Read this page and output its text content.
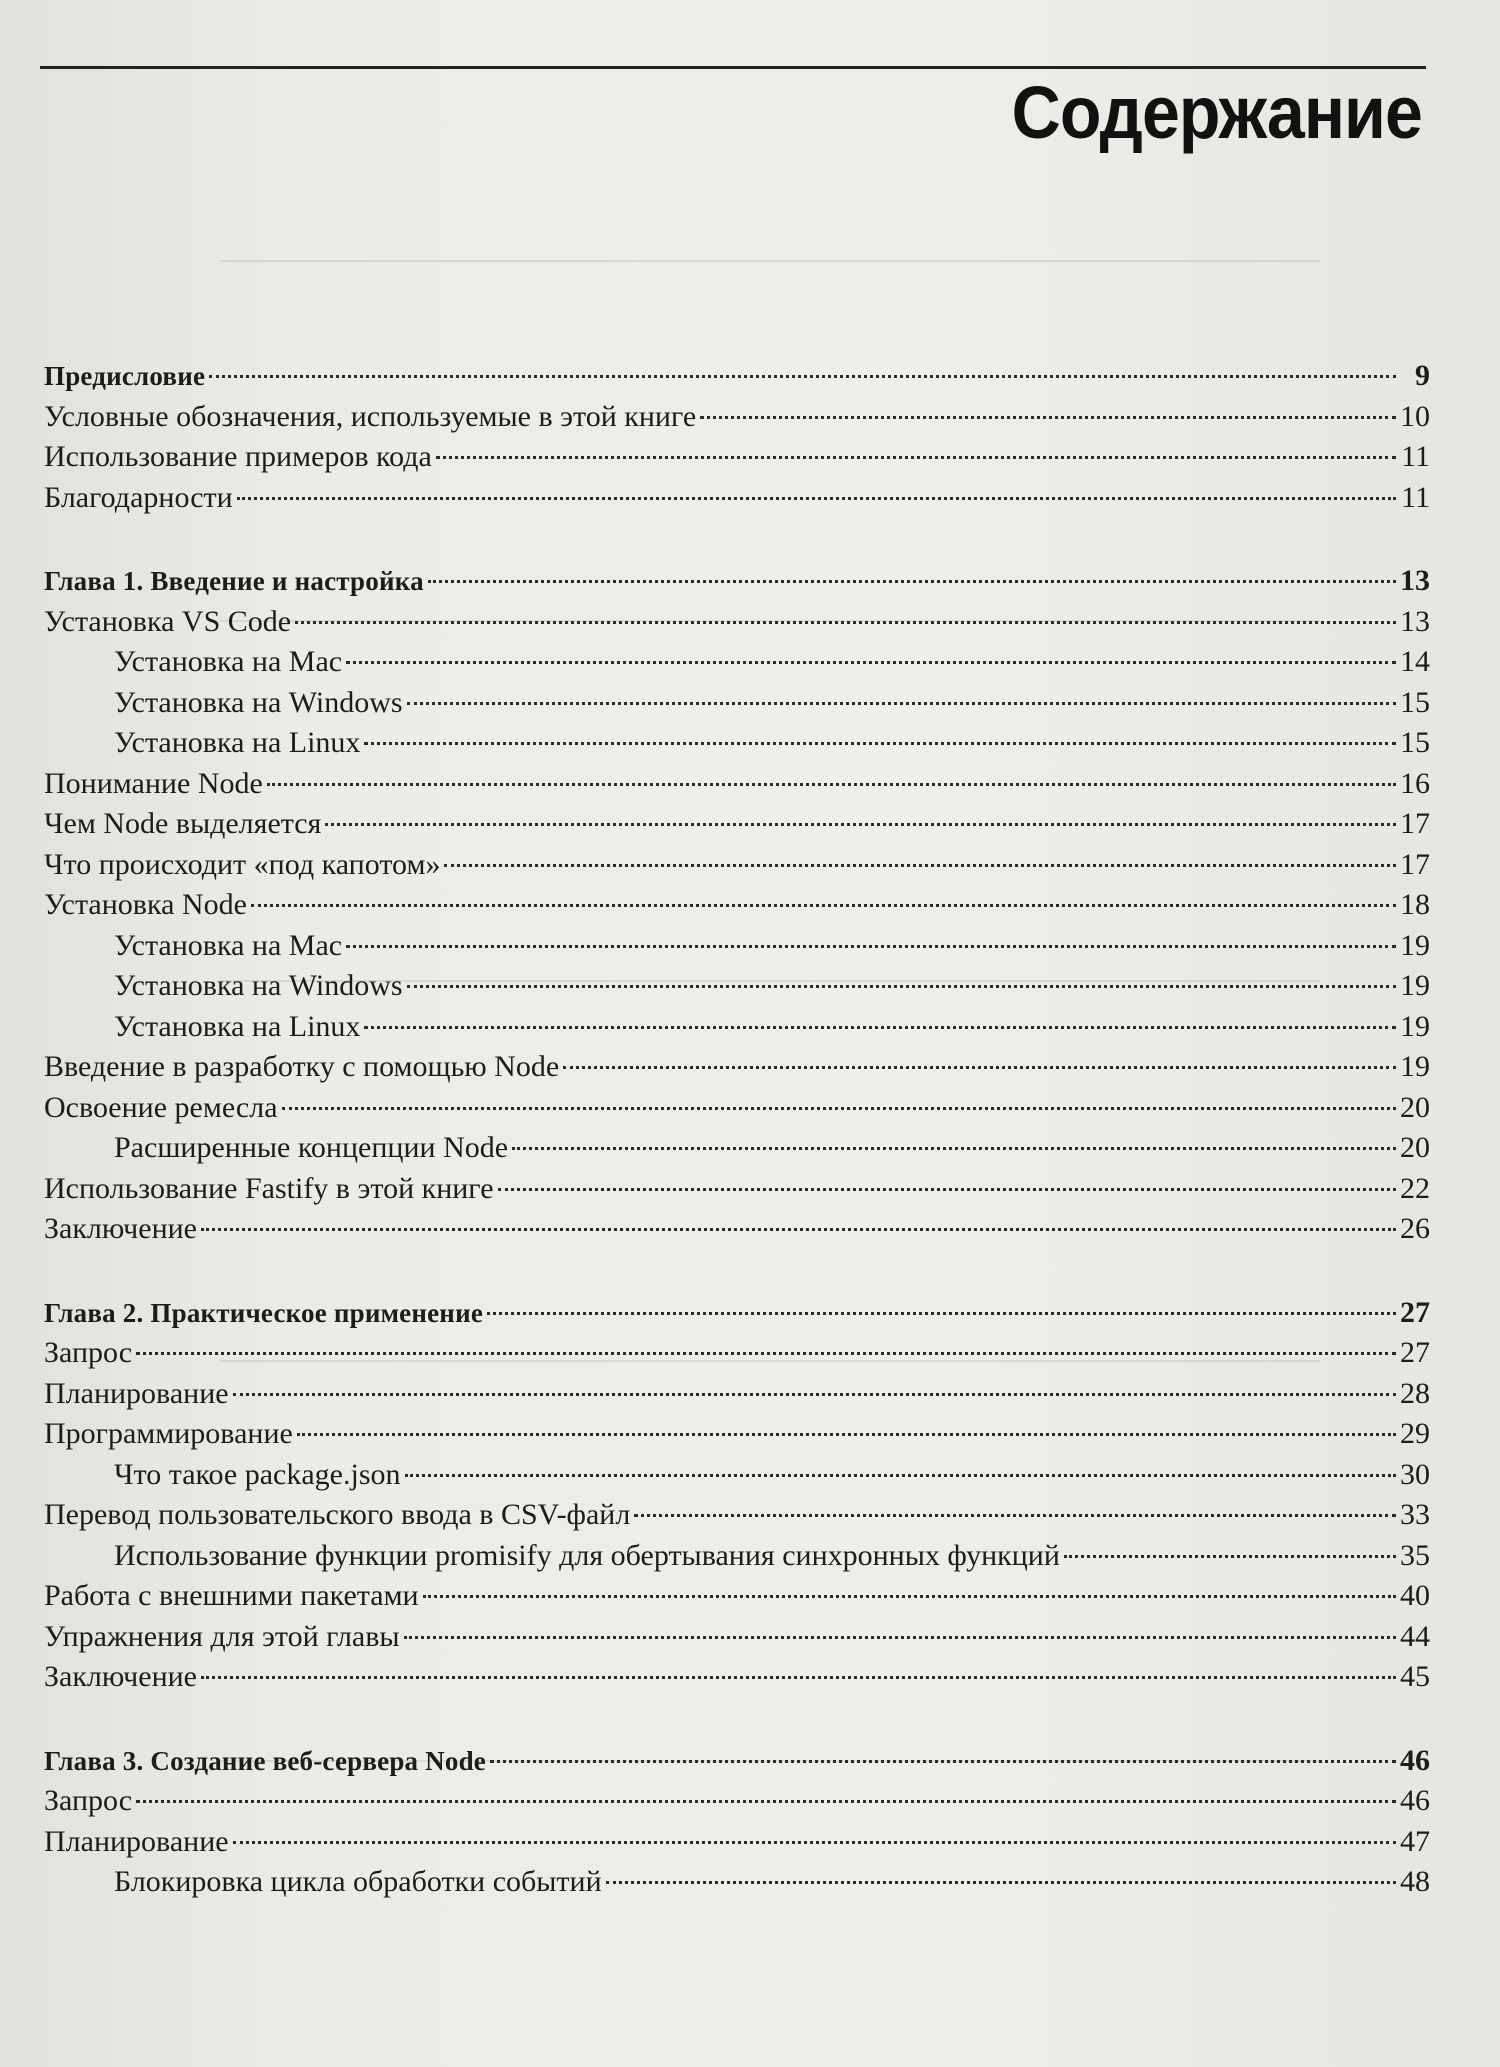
Содержание
Предисловие	9
Условные обозначения, используемые в этой книге	10
Использование примеров кода	11
Благодарности	11
Глава 1. Введение и настройка	13
Установка VS Code	13
Установка на Mac	14
Установка на Windows	15
Установка на Linux	15
Понимание Node	16
Чем Node выделяется	17
Что происходит «под капотом»	17
Установка Node	18
Установка на Mac	19
Установка на Windows	19
Установка на Linux	19
Введение в разработку с помощью Node	19
Освоение ремесла	20
Расширенные концепции Node	20
Использование Fastify в этой книге	22
Заключение	26
Глава 2. Практическое применение	27
Запрос	27
Планирование	28
Программирование	29
Что такое package.json	30
Перевод пользовательского ввода в CSV-файл	33
Использование функции promisify для обертывания синхронных функций	35
Работа с внешними пакетами	40
Упражнения для этой главы	44
Заключение	45
Глава 3. Создание веб-сервера Node	46
Запрос	46
Планирование	47
Блокировка цикла обработки событий	48
